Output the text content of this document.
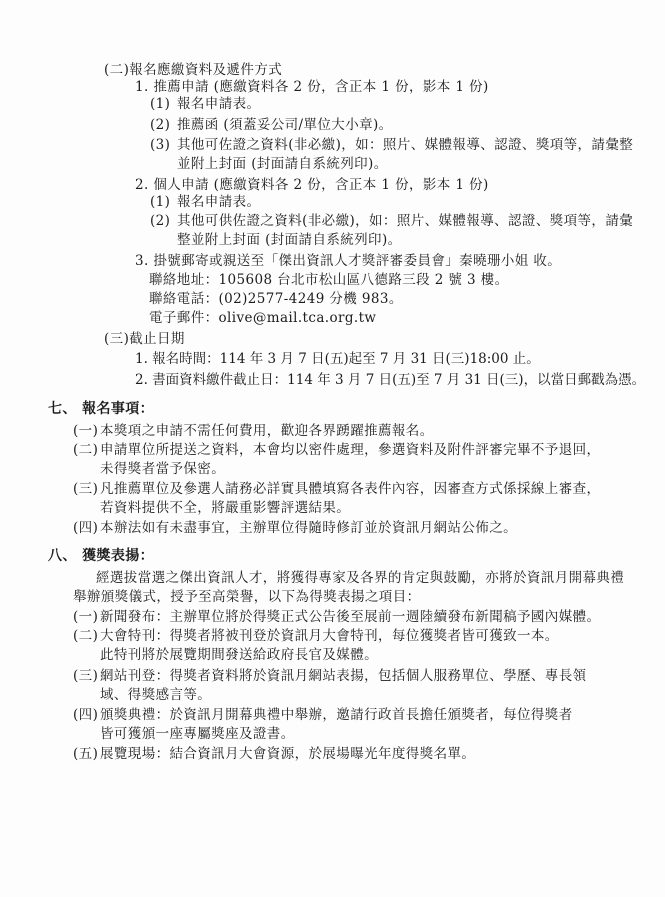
(二)報名應繳資料及遞件方式
1. 推薦申請 (應繳資料各 2 份，含正本 1 份，影本 1 份)
(1) 報名申請表。
(2) 推薦函 (須蓋妥公司/單位大小章)。
(3) 其他可佐證之資料(非必繳)，如：照片、媒體報導、認證、獎項等，請彙整
並附上封面 (封面請自系統列印)。
2. 個人申請 (應繳資料各 2 份，含正本 1 份，影本 1 份)
(1) 報名申請表。
(2) 其他可供佐證之資料(非必繳)，如：照片、媒體報導、認證、獎項等，請彙
整並附上封面 (封面請自系統列印)。
3. 掛號郵寄或親送至「傑出資訊人才獎評審委員會」秦曉珊小姐 收。
聯絡地址：105608 台北市松山區八德路三段 2 號 3 樓。
聯絡電話：(02)2577-4249 分機 983。
電子郵件：olive@mail.tca.org.tw
(三)截止日期
1. 報名時間：114 年 3 月 7 日(五)起至 7 月 31 日(三)18:00 止。
2. 書面資料繳件截止日：114 年 3 月 7 日(五)至 7 月 31 日(三)，以當日郵戳為憑。
七、 報名事項：
(一) 本獎項之申請不需任何費用，歡迎各界踴躍推薦報名。
(二) 申請單位所提送之資料，本會均以密件處理，參選資料及附件評審完畢不予退回，
未得獎者當予保密。
(三) 凡推薦單位及參選人請務必詳實具體填寫各表件內容，因審查方式係採線上審查，
若資料提供不全，將嚴重影響評選結果。
(四) 本辦法如有未盡事宜，主辦單位得隨時修訂並於資訊月網站公佈之。
八、 獲獎表揚：
經選拔當選之傑出資訊人才，將獲得專家及各界的肯定與鼓勵，亦將於資訊月開幕典禮
舉辦頒獎儀式，授予至高榮譽，以下為得獎表揚之項目：
(一) 新聞發布：主辦單位將於得獎正式公告後至展前一週陸續發布新聞稿予國內媒體。
(二) 大會特刊：得獎者將被刊登於資訊月大會特刊，每位獲獎者皆可獲致一本。
此特刊將於展覽期間發送給政府長官及媒體。
(三) 網站刊登：得獎者資料將於資訊月網站表揚，包括個人服務單位、學歷、專長領
域、得獎感言等。
(四) 頒獎典禮：於資訊月開幕典禮中舉辦，邀請行政首長擔任頒獎者，每位得獎者
皆可獲頒一座專屬獎座及證書。
(五) 展覽現場：結合資訊月大會資源，於展場曝光年度得獎名單。
